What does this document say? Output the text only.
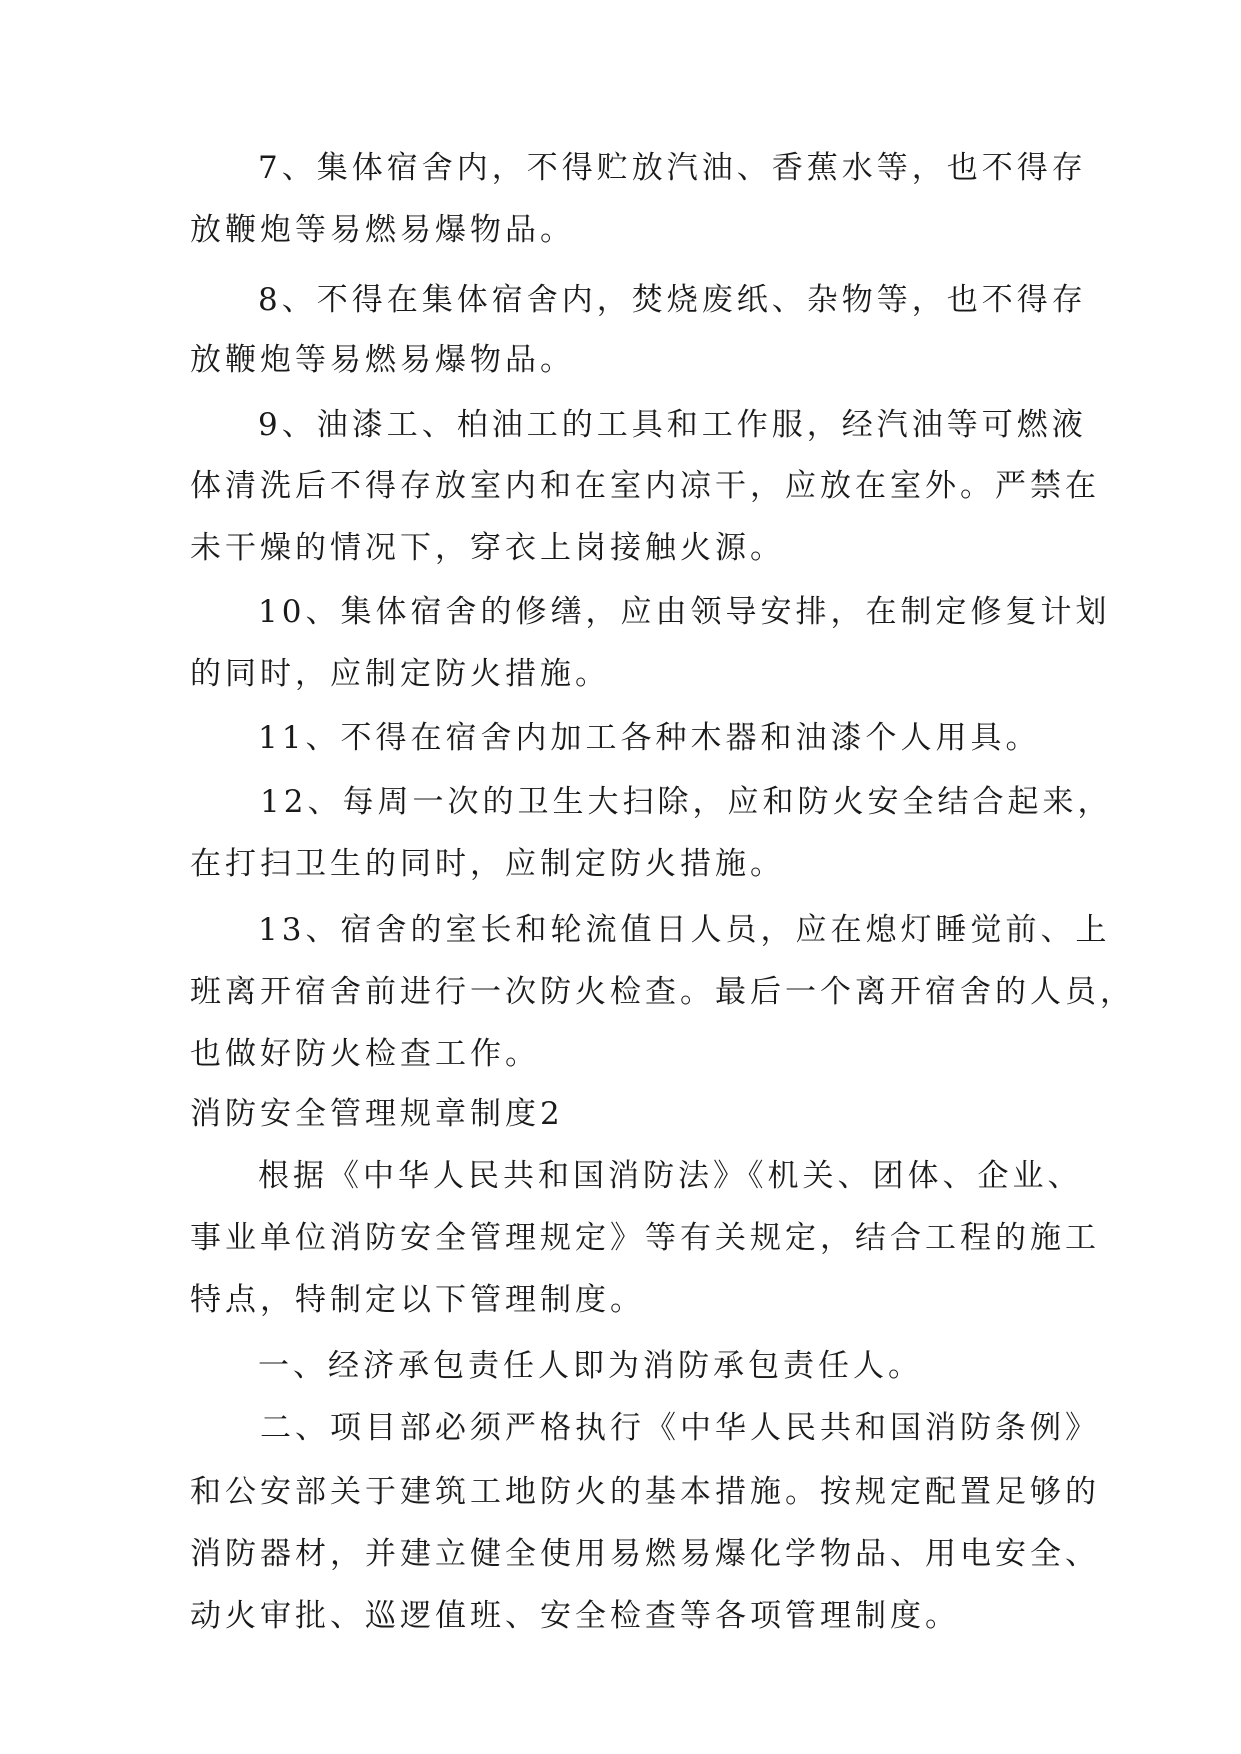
7、集体宿舍内，不得贮放汽油、香蕉水等，也不得存
放鞭炮等易燃易爆物品。
8、不得在集体宿舍内，焚烧废纸、杂物等，也不得存
放鞭炮等易燃易爆物品。
9、油漆工、柏油工的工具和工作服，经汽油等可燃液
体清洗后不得存放室内和在室内凉干，应放在室外。严禁在
未干燥的情况下，穿衣上岗接触火源。
10、集体宿舍的修缮，应由领导安排，在制定修复计划
的同时，应制定防火措施。
11、不得在宿舍内加工各种木器和油漆个人用具。
12、每周一次的卫生大扫除，应和防火安全结合起来，
在打扫卫生的同时，应制定防火措施。
13、宿舍的室长和轮流值日人员，应在熄灯睡觉前、上
班离开宿舍前进行一次防火检查。最后一个离开宿舍的人员，
也做好防火检查工作。
消防安全管理规章制度2
根据《中华人民共和国消防法》《机关、团体、企业、
事业单位消防安全管理规定》等有关规定，结合工程的施工
特点，特制定以下管理制度。
一、经济承包责任人即为消防承包责任人。
二、项目部必须严格执行《中华人民共和国消防条例》
和公安部关于建筑工地防火的基本措施。按规定配置足够的
消防器材，并建立健全使用易燃易爆化学物品、用电安全、
动火审批、巡逻值班、安全检查等各项管理制度。
